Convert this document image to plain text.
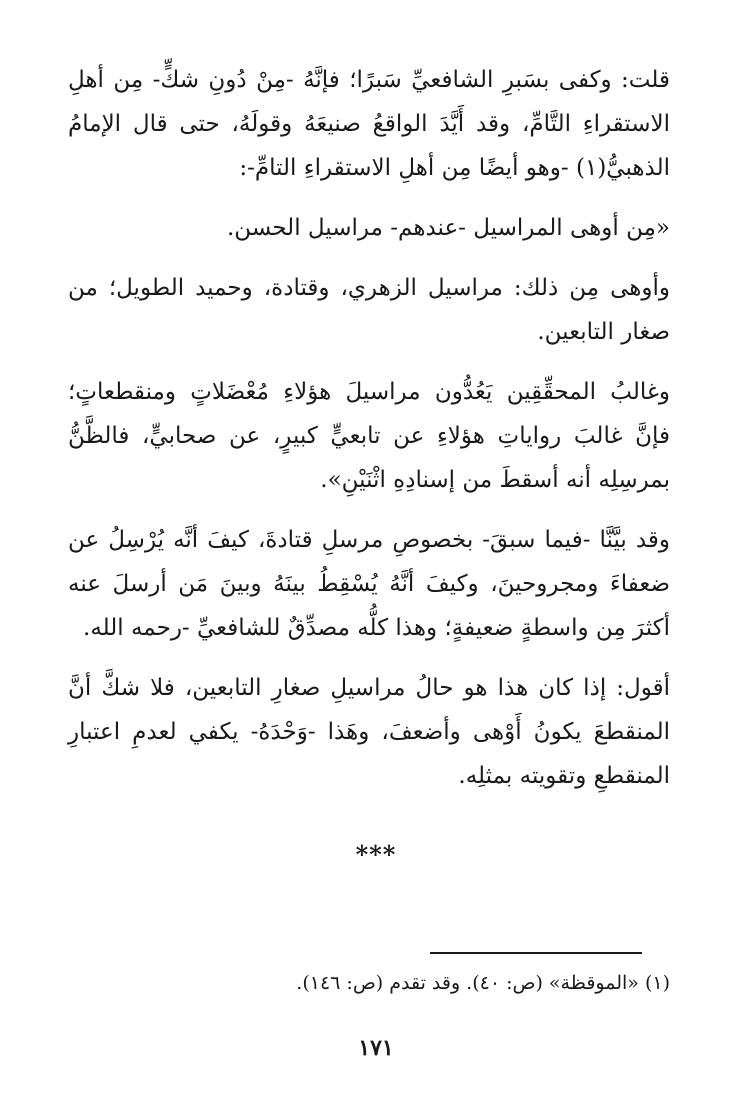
قلت: وكفى بسَبرِ الشافعيِّ سَبرًا؛ فإنَّهُ -مِنْ دُونِ شكٍّ- مِن أهلِ الاستقراءِ التَّامِّ، وقد أَيَّدَ الواقعُ صنيعَهُ وقولَهُ، حتى قال الإمامُ الذهبيُّ(١) -وهو أيضًا مِن أهلِ الاستقراءِ التامِّ-:

«مِن أوهى المراسيل -عندهم- مراسيل الحسن.

وأوهى مِن ذلك: مراسيل الزهري، وقتادة، وحميد الطويل؛ من صغار التابعين.

وغالبُ المحقِّقِين يَعُدُّون مراسيلَ هؤلاءِ مُعْضَلاتٍ ومنقطعاتٍ؛ فإنَّ غالبَ رواياتِ هؤلاءِ عن تابعيٍّ كبيرٍ، عن صحابيٍّ، فالظَّنُّ بمرسِلِه أنه أسقطَ من إسنادِهِ اثْنَيْنِ».

وقد بيَّنَّا -فيما سبقَ- بخصوصِ مرسلِ قتادةَ، كيفَ أنَّه يُرْسِلُ عن ضعفاءَ ومجروحينَ، وكيفَ أنَّهُ يُسْقِطُ بينَهُ وبينَ مَن أرسلَ عنه أكثرَ مِن واسطةٍ ضعيفةٍ؛ وهذا كلُّه مصدِّقٌ للشافعيِّ -رحمه الله.

أقول: إذا كان هذا هو حالُ مراسيلِ صغارِ التابعين، فلا شكَّ أنَّ المنقطعَ يكونُ أَوْهى وأضعفَ، وهَذا -وَحْدَهُ- يكفي لعدمِ اعتبارِ المنقطعِ وتقويته بمثلِه.

***
(١) «الموقظة» (ص: ٤٠). وقد تقدم (ص: ١٤٦).
١٧١
